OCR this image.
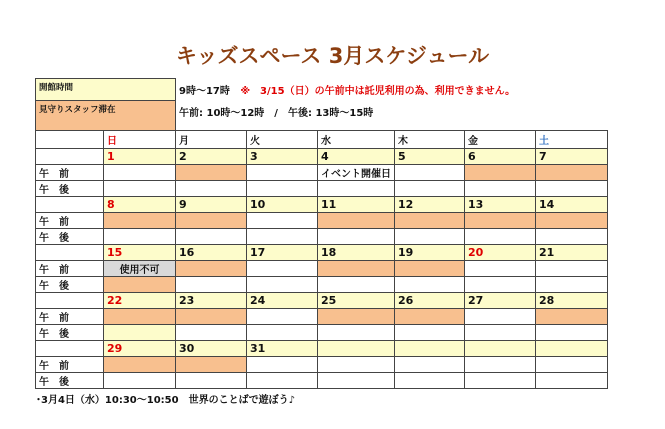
キッズスペース 3月スケジュール
開館時間		9時～17時 ※　3/15（日）の午前中は託児利用の為、利用できません。					
見守りスタッフ滞在		午前: 10時～12時　/　午後: 13時～15時					
	日	月	火	水	木	金	土
	1	2	3	4	5	6	7
午　前				イベント開催日			
午　後							
	8	9	10	11	12	13	14
午　前							
午　後							
	15	16	17	18	19	20	21
午　前	使用不可						
午　後							
	22	23	24	25	26	27	28
午　前							
午　後							
	29	30	31				
午　前							
午　後							
･3月4日（水）10:30～10:50　世界のことばで遊ぼう♪
